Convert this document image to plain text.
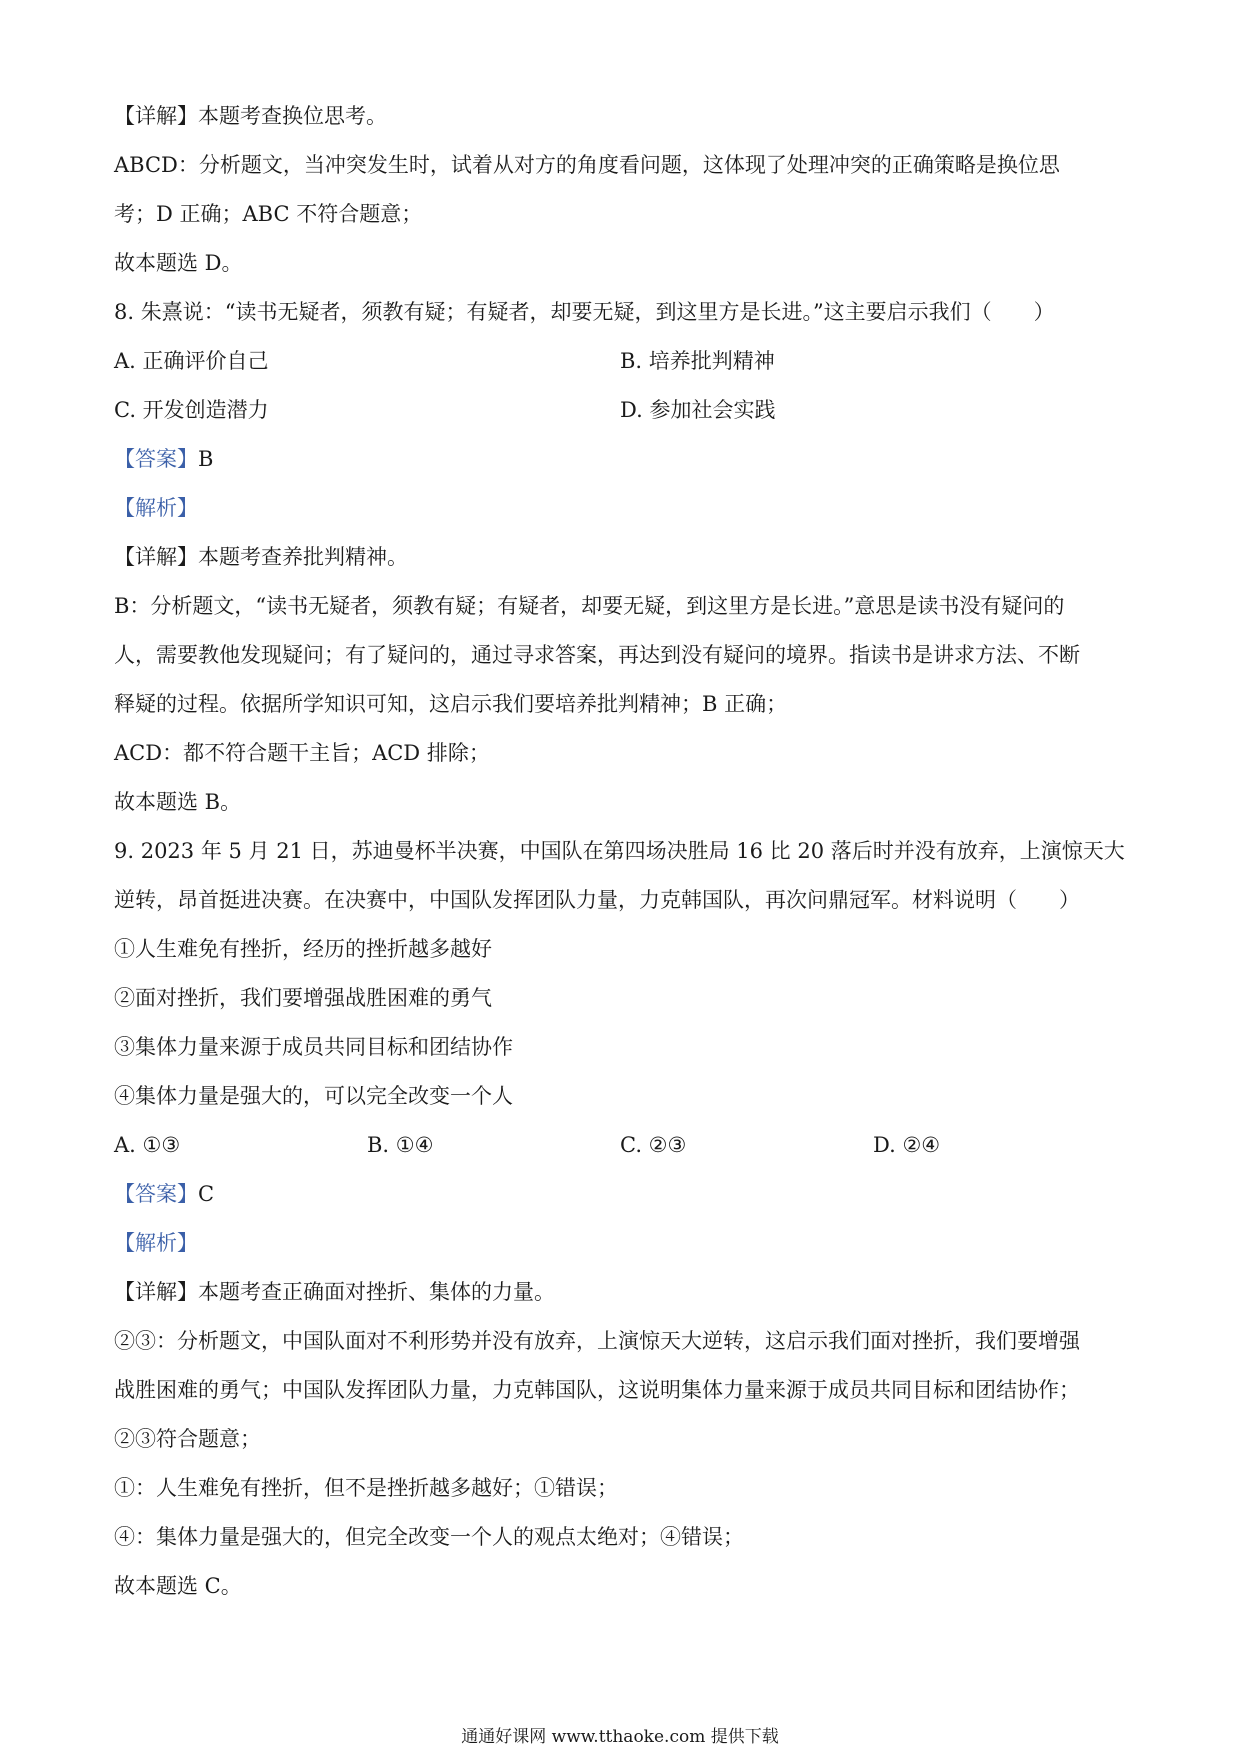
【详解】本题考查换位思考。
ABCD：分析题文，当冲突发生时，试着从对方的角度看问题，这体现了处理冲突的正确策略是换位思
考；D 正确；ABC 不符合题意；
故本题选 D。
8. 朱熹说：“读书无疑者，须教有疑；有疑者，却要无疑，到这里方是长进。”这主要启示我们（　　）
A. 正确评价自己	B. 培养批判精神
C. 开发创造潜力	D. 参加社会实践
【答案】B
【解析】
【详解】本题考查养批判精神。
B：分析题文，“读书无疑者，须教有疑；有疑者，却要无疑，到这里方是长进。”意思是读书没有疑问的
人，需要教他发现疑问；有了疑问的，通过寻求答案，再达到没有疑问的境界。指读书是讲求方法、不断
释疑的过程。依据所学知识可知，这启示我们要培养批判精神；B 正确；
ACD：都不符合题干主旨；ACD 排除；
故本题选 B。
9. 2023 年 5 月 21 日，苏迪曼杯半决赛，中国队在第四场决胜局 16 比 20 落后时并没有放弃，上演惊天大
逆转，昂首挺进决赛。在决赛中，中国队发挥团队力量，力克韩国队，再次问鼎冠军。材料说明（　　）
①人生难免有挫折，经历的挫折越多越好
②面对挫折，我们要增强战胜困难的勇气
③集体力量来源于成员共同目标和团结协作
④集体力量是强大的，可以完全改变一个人
A. ①③	B. ①④	C. ②③	D. ②④
【答案】C
【解析】
【详解】本题考查正确面对挫折、集体的力量。
②③：分析题文，中国队面对不利形势并没有放弃，上演惊天大逆转，这启示我们面对挫折，我们要增强
战胜困难的勇气；中国队发挥团队力量，力克韩国队，这说明集体力量来源于成员共同目标和团结协作；
②③符合题意；
①：人生难免有挫折，但不是挫折越多越好；①错误；
④：集体力量是强大的，但完全改变一个人的观点太绝对；④错误；
故本题选 C。
通通好课网 www.tthaoke.com 提供下载
